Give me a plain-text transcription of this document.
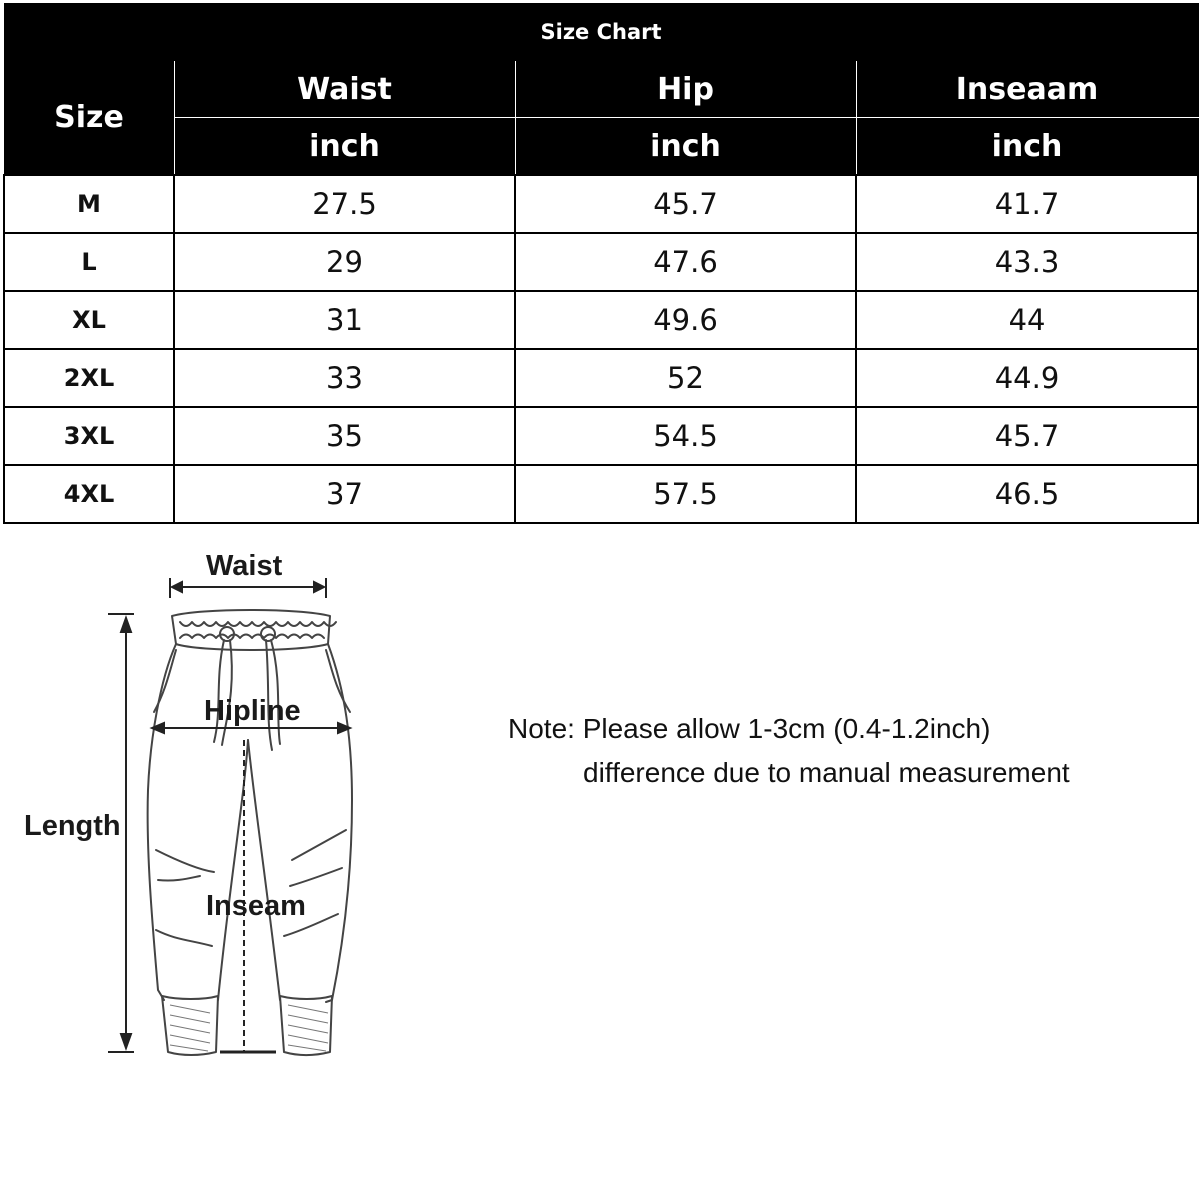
Size Chart			
Size	Waist	Hip	Inseaam
	inch	inch	inch
M	27.5	45.7	41.7
L	29	47.6	43.3
XL	31	49.6	44
2XL	33	52	44.9
3XL	35	54.5	45.7
4XL	37	57.5	46.5
Waist
Hipline
Length
Inseam
Note: Please allow 1-3cm (0.4-1.2inch)
difference due to manual measurement
